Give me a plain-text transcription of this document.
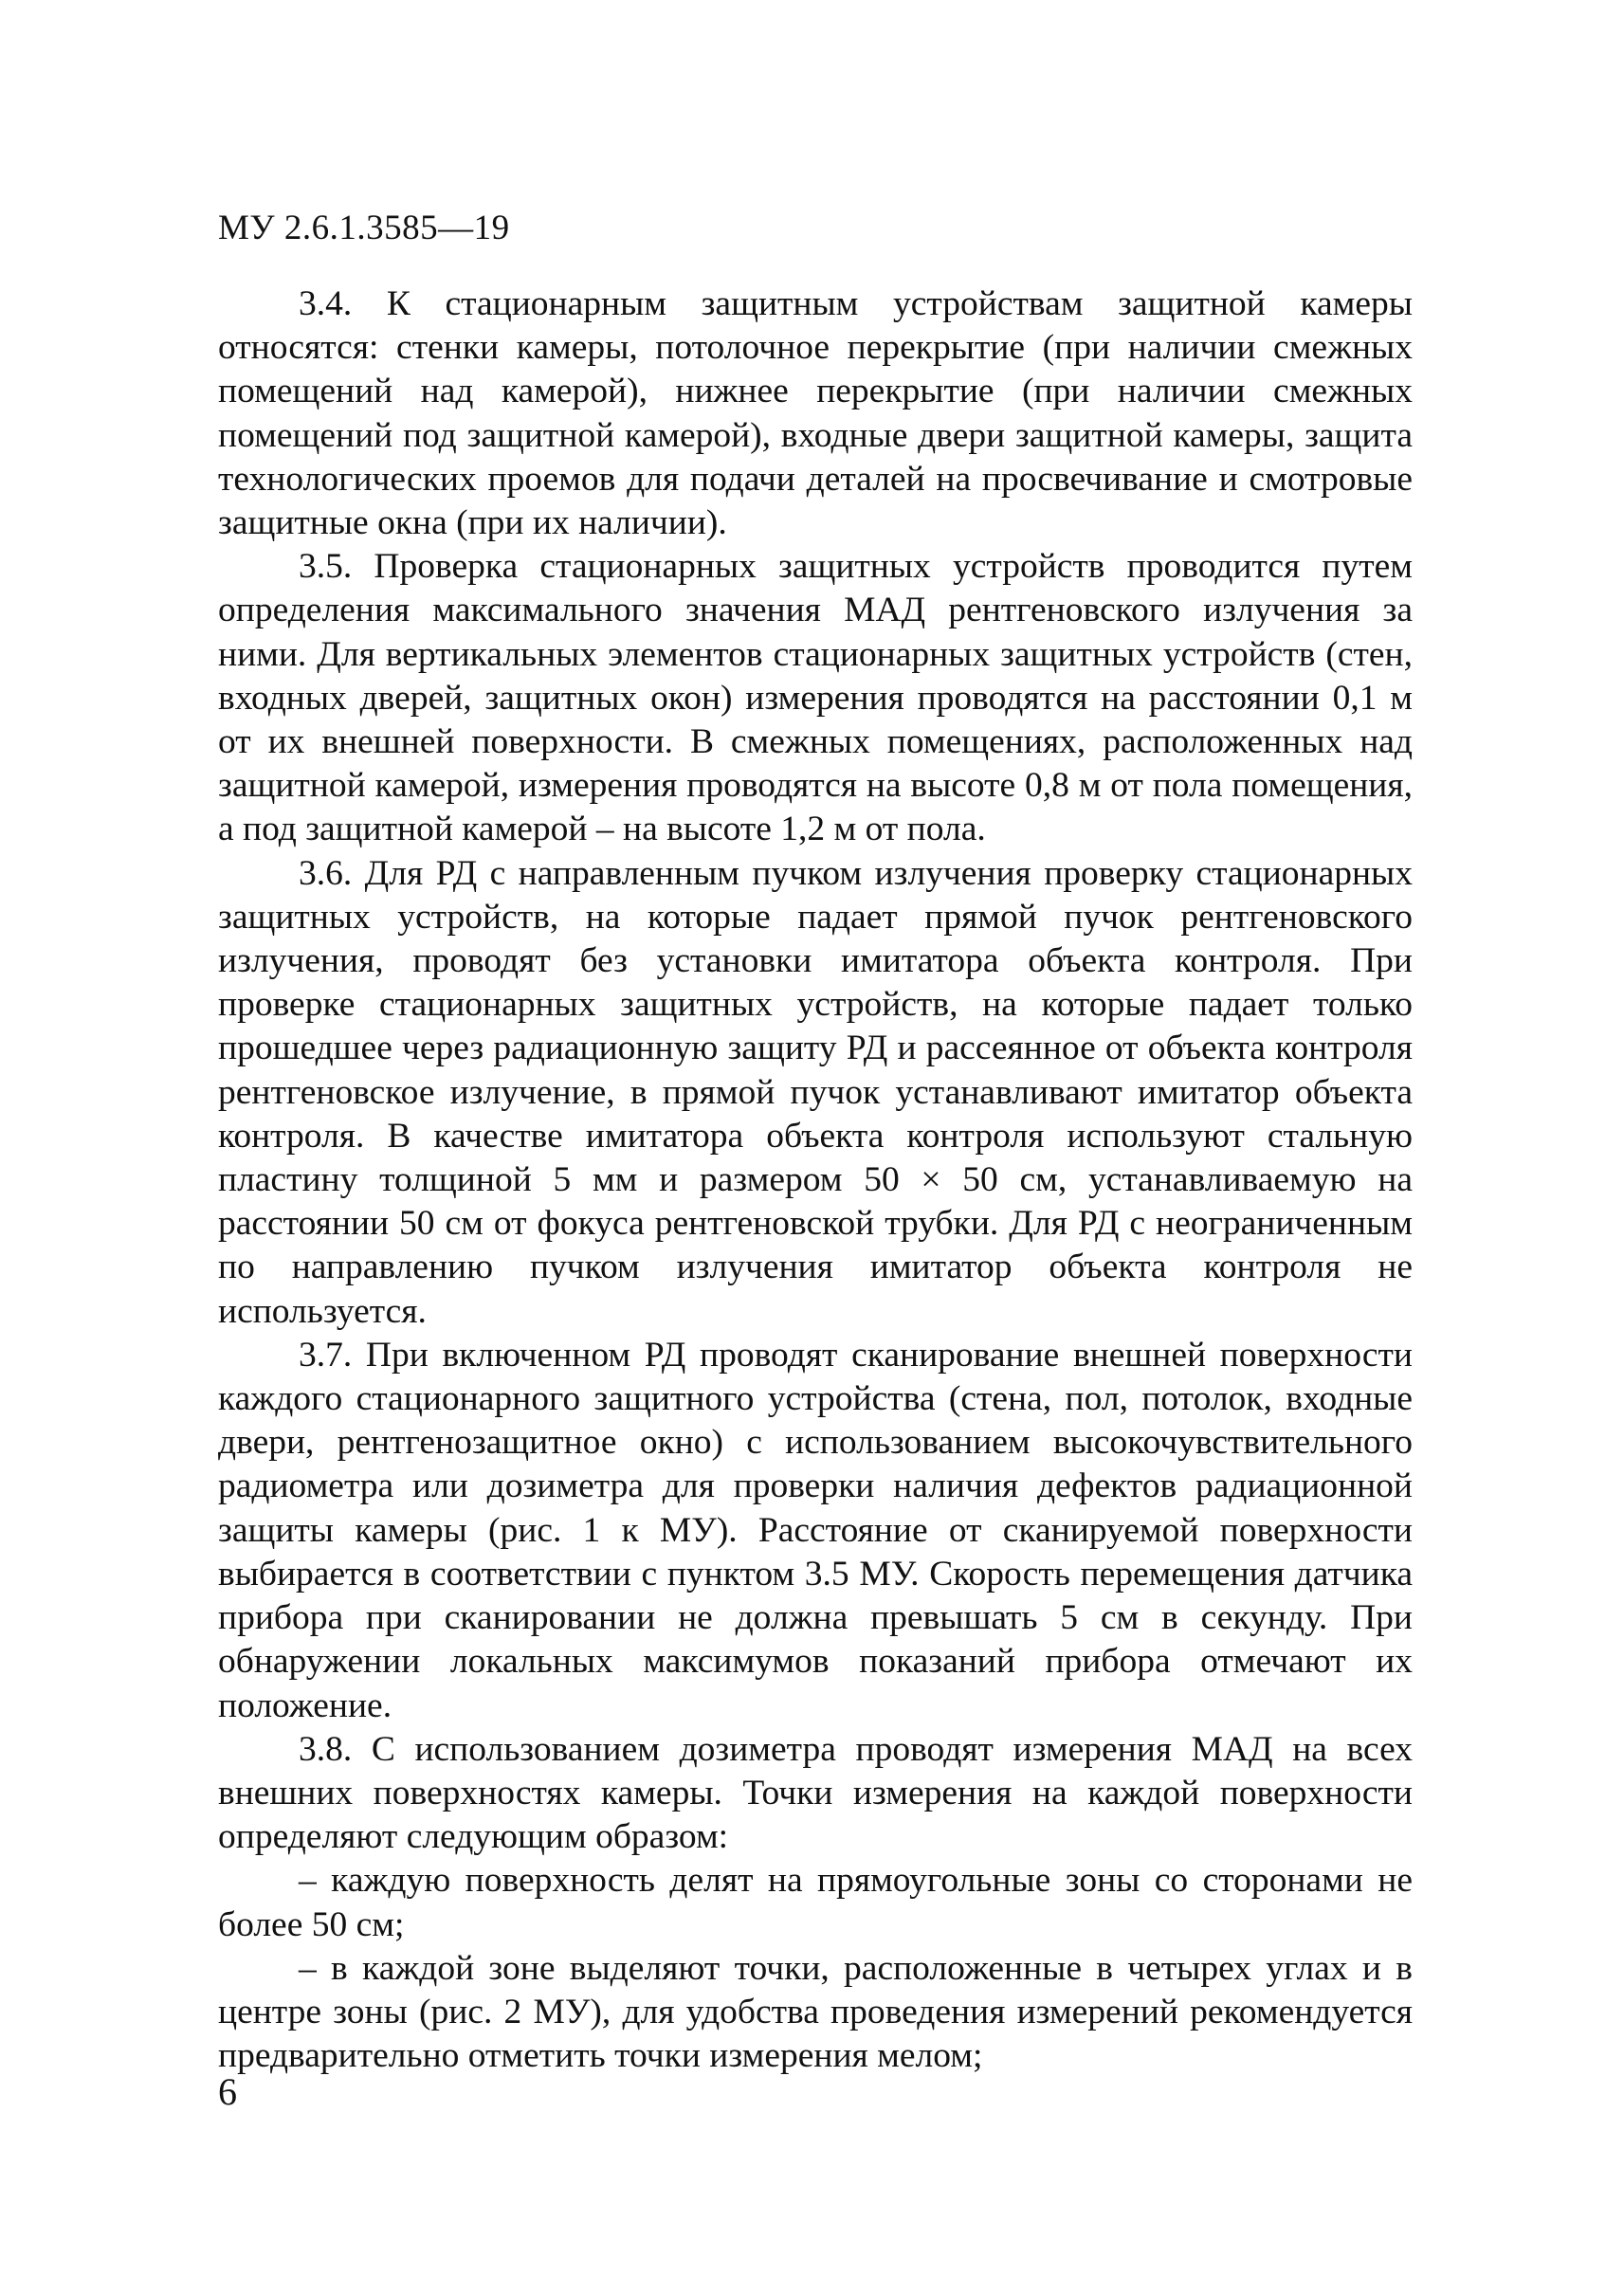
МУ 2.6.1.3585—19

3.4. К стационарным защитным устройствам защитной камеры относятся: стенки камеры, потолочное перекрытие (при наличии смежных помещений над камерой), нижнее перекрытие (при наличии смежных помещений под защитной камерой), входные двери защитной камеры, защита технологических проемов для подачи деталей на просвечивание и смотровые защитные окна (при их наличии).

3.5. Проверка стационарных защитных устройств проводится путем определения максимального значения МАД рентгеновского излучения за ними. Для вертикальных элементов стационарных защитных устройств (стен, входных дверей, защитных окон) измерения проводятся на расстоянии 0,1 м от их внешней поверхности. В смежных помещениях, расположенных над защитной камерой, измерения проводятся на высоте 0,8 м от пола помещения, а под защитной камерой – на высоте 1,2 м от пола.

3.6. Для РД с направленным пучком излучения проверку стационарных защитных устройств, на которые падает прямой пучок рентгеновского излучения, проводят без установки имитатора объекта контроля. При проверке стационарных защитных устройств, на которые падает только прошедшее через радиационную защиту РД и рассеянное от объекта контроля рентгеновское излучение, в прямой пучок устанавливают имитатор объекта контроля. В качестве имитатора объекта контроля используют стальную пластину толщиной 5 мм и размером 50 × 50 см, устанавливаемую на расстоянии 50 см от фокуса рентгеновской трубки. Для РД с неограниченным по направлению пучком излучения имитатор объекта контроля не используется.

3.7. При включенном РД проводят сканирование внешней поверхности каждого стационарного защитного устройства (стена, пол, потолок, входные двери, рентгенозащитное окно) с использованием высокочувствительного радиометра или дозиметра для проверки наличия дефектов радиационной защиты камеры (рис. 1 к МУ). Расстояние от сканируемой поверхности выбирается в соответствии с пунктом 3.5 МУ. Скорость перемещения датчика прибора при сканировании не должна превышать 5 см в секунду. При обнаружении локальных максимумов показаний прибора отмечают их положение.

3.8. С использованием дозиметра проводят измерения МАД на всех внешних поверхностях камеры. Точки измерения на каждой поверхности определяют следующим образом:

– каждую поверхность делят на прямоугольные зоны со сторонами не более 50 см;

– в каждой зоне выделяют точки, расположенные в четырех углах и в центре зоны (рис. 2 МУ), для удобства проведения измерений рекомендуется предварительно отметить точки измерения мелом;

6
